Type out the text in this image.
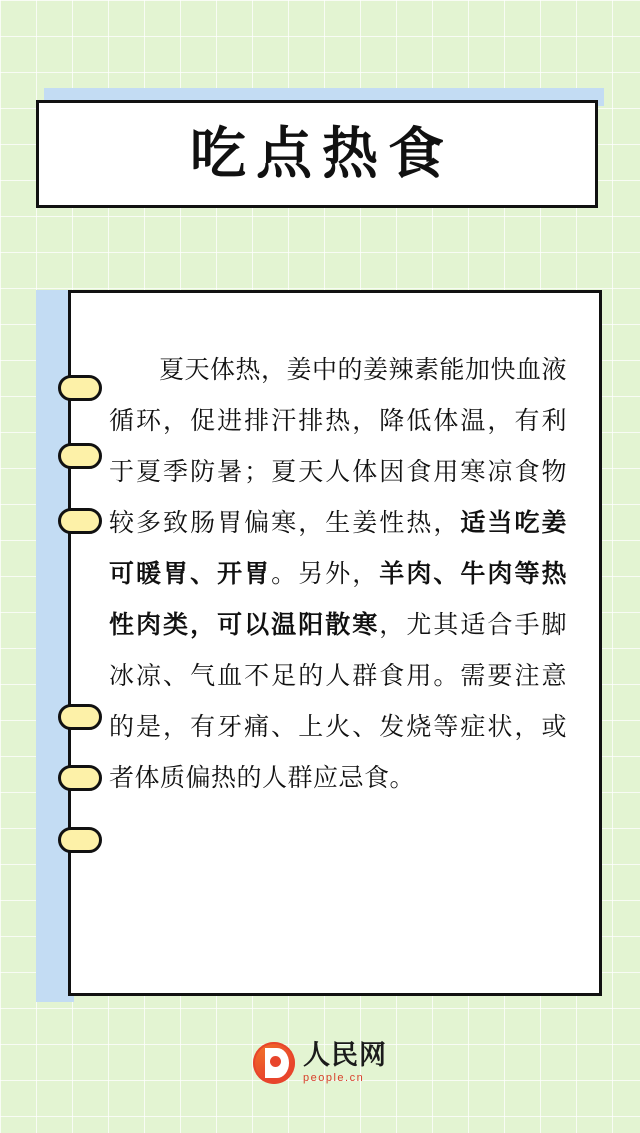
吃点热食
夏天体热，姜中的姜辣素能加快血液循环，促进排汗排热，降低体温，有利于夏季防暑；夏天人体因食用寒凉食物较多致肠胃偏寒，生姜性热，适当吃姜可暖胃、开胃。另外，羊肉、牛肉等热性肉类，可以温阳散寒，尤其适合手脚冰凉、气血不足的人群食用。需要注意的是，有牙痛、上火、发烧等症状，或者体质偏热的人群应忌食。
人民网
people.cn
